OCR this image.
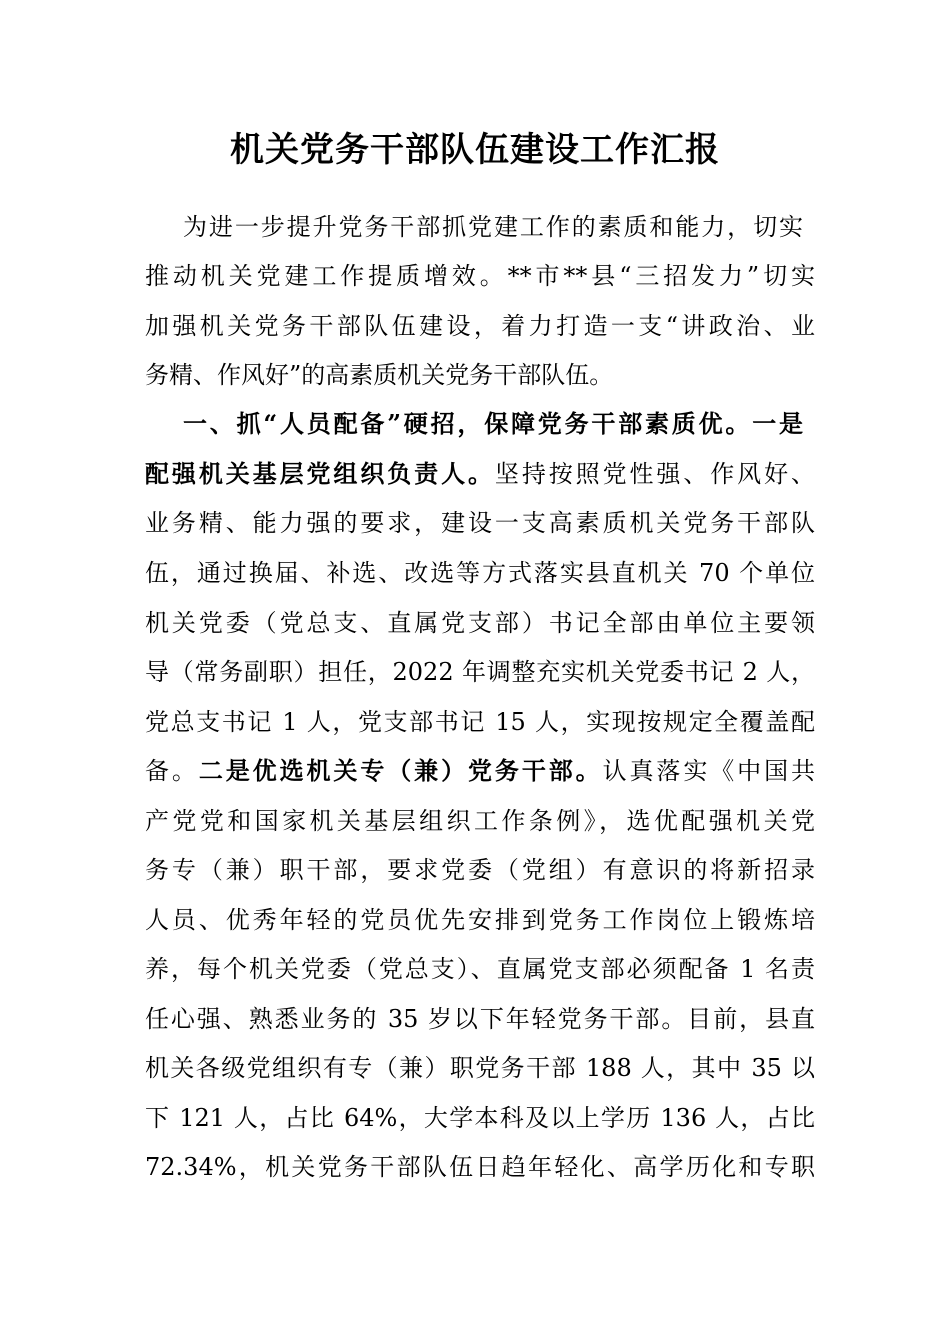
机关党务干部队伍建设工作汇报
为进一步提升党务干部抓党建工作的素质和能力，切实
推动机关党建工作提质增效。**市**县“三招发力”切实
加强机关党务干部队伍建设，着力打造一支“讲政治、业
务精、作风好”的高素质机关党务干部队伍。
一、抓“人员配备”硬招，保障党务干部素质优。一是
配强机关基层党组织负责人。坚持按照党性强、作风好、
业务精、能力强的要求，建设一支高素质机关党务干部队
伍，通过换届、补选、改选等方式落实县直机关 70 个单位
机关党委（党总支、直属党支部）书记全部由单位主要领
导（常务副职）担任，2022 年调整充实机关党委书记 2 人，
党总支书记 1 人，党支部书记 15 人，实现按规定全覆盖配
备。二是优选机关专（兼）党务干部。认真落实《中国共
产党党和国家机关基层组织工作条例》，选优配强机关党
务专（兼）职干部，要求党委（党组）有意识的将新招录
人员、优秀年轻的党员优先安排到党务工作岗位上锻炼培
养，每个机关党委（党总支）、直属党支部必须配备 1 名责
任心强、熟悉业务的 35 岁以下年轻党务干部。目前，县直
机关各级党组织有专（兼）职党务干部 188 人，其中 35 以
下 121 人，占比 64%，大学本科及以上学历 136 人，占比
72.34%，机关党务干部队伍日趋年轻化、高学历化和专职
